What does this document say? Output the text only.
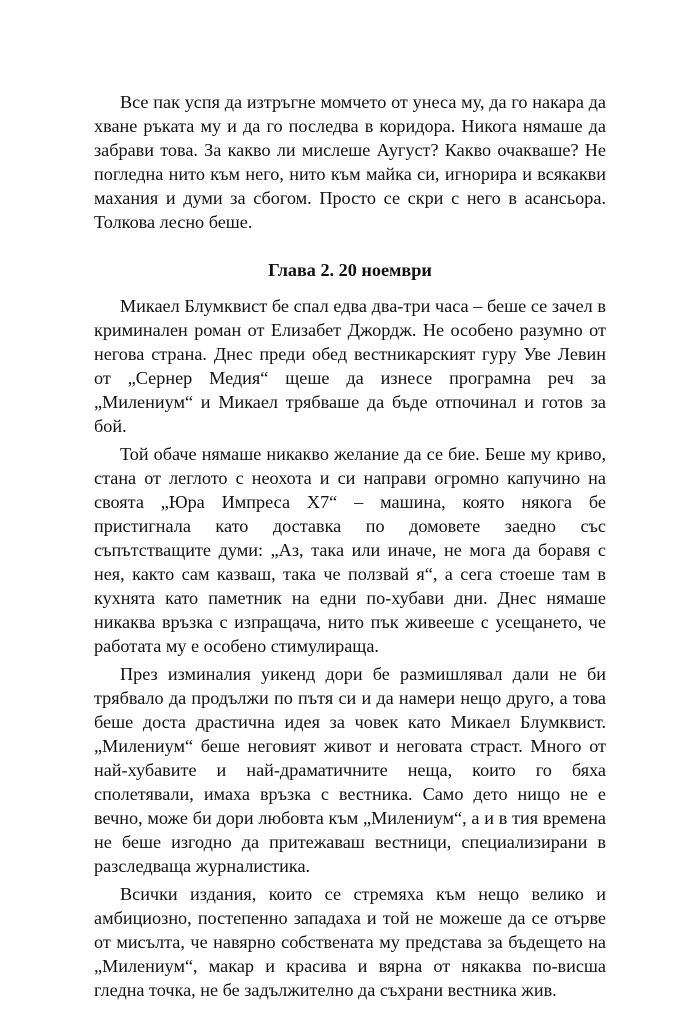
Все пак успя да изтръгне момчето от унеса му, да го накара да хване ръката му и да го последва в коридора. Никога нямаше да забрави това. За какво ли мислеше Аугуст? Какво очакваше? Не погледна нито към него, нито към майка си, игнорира и всякакви махания и думи за сбогом. Просто се скри с него в асансьора. Толкова лесно беше.

Глава 2. 20 ноември

Микаел Блумквист бе спал едва два-три часа – беше се зачел в криминален роман от Елизабет Джордж. Не особено разумно от негова страна. Днес преди обед вестникарският гуру Уве Левин от „Сернер Медия“ щеше да изнесе програмна реч за „Милениум“ и Микаел трябваше да бъде отпочинал и готов за бой.

Той обаче нямаше никакво желание да се бие. Беше му криво, стана от леглото с неохота и си направи огромно капучино на своята „Юра Импреса Х7“ – машина, която някога бе пристигнала като доставка по домовете заедно със съпътстващите думи: „Аз, така или иначе, не мога да боравя с нея, както сам казваш, така че ползвай я“, а сега стоеше там в кухнята като паметник на едни по-хубави дни. Днес нямаше никаква връзка с изпращача, нито пък живееше с усещането, че работата му е особено стимулираща.

През изминалия уикенд дори бе размишлявал дали не би трябвало да продължи по пътя си и да намери нещо друго, а това беше доста драстична идея за човек като Микаел Блумквист. „Милениум“ беше неговият живот и неговата страст. Много от най-хубавите и най-драматичните неща, които го бяха сполетявали, имаха връзка с вестника. Само дето нищо не е вечно, може би дори любовта към „Милениум“, а и в тия времена не беше изгодно да притежаваш вестници, специализирани в разследваща журналистика.

Всички издания, които се стремяха към нещо велико и амбициозно, постепенно западаха и той не можеше да се отърве от мисълта, че навярно собствената му представа за бъдещето на „Милениум“, макар и красива и вярна от някаква по-висша гледна точка, не бе задължително да съхрани вестника жив.
